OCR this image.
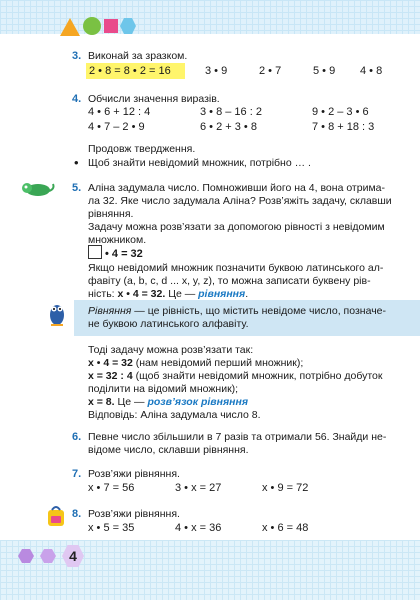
3. Виконай за зразком.
2 • 8 = 8 • 2 = 16	3 • 9	2 • 7	5 • 9 4 • 8
4. Обчисли значення виразів.
4 • 6 + 12 : 4	3 • 8 – 16 : 2	9 • 2 – 3 • 6
4 • 7 – 2 • 9	6 • 2 + 3 • 8	7 • 8 + 18 : 3
Продовж твердження.
• Щоб знайти невідомий множник, потрібно … .
5. Аліна задумала число. Помноживши його на 4, вона отрима-
ла 32. Яке число задумала Аліна? Розв’яжіть задачу, склавши
рівняння.
Задачу можна розв’язати за допомогою рівності з невідомим
множником.
• 4 = 32
Якщо невідомий множник позначити буквою латинського ал-
фавіту (a, b, c, d ... x, y, z), то можна записати буквену рів-
ність: x • 4 = 32. Це — рівняння.
Рівняння — це рівність, що містить невідоме число, позначе-
не буквою латинського алфавіту.
Тоді задачу можна розв’язати так:
x • 4 = 32 (нам невідомий перший множник);
x = 32 : 4 (щоб знайти невідомий множник, потрібно добуток
поділити на відомий множник);
x = 8. Це — розв’язок рівняння
Відповідь: Аліна задумала число 8.
6. Певне число збільшили в 7 разів та отримали 56. Знайди не-
відоме число, склавши рівняння.
7. Розв’яжи рівняння.
x • 7 = 56	3 • x = 27	x • 9 = 72
8. Розв’яжи рівняння.
x • 5 = 35	4 • x = 36	x • 6 = 48
4
